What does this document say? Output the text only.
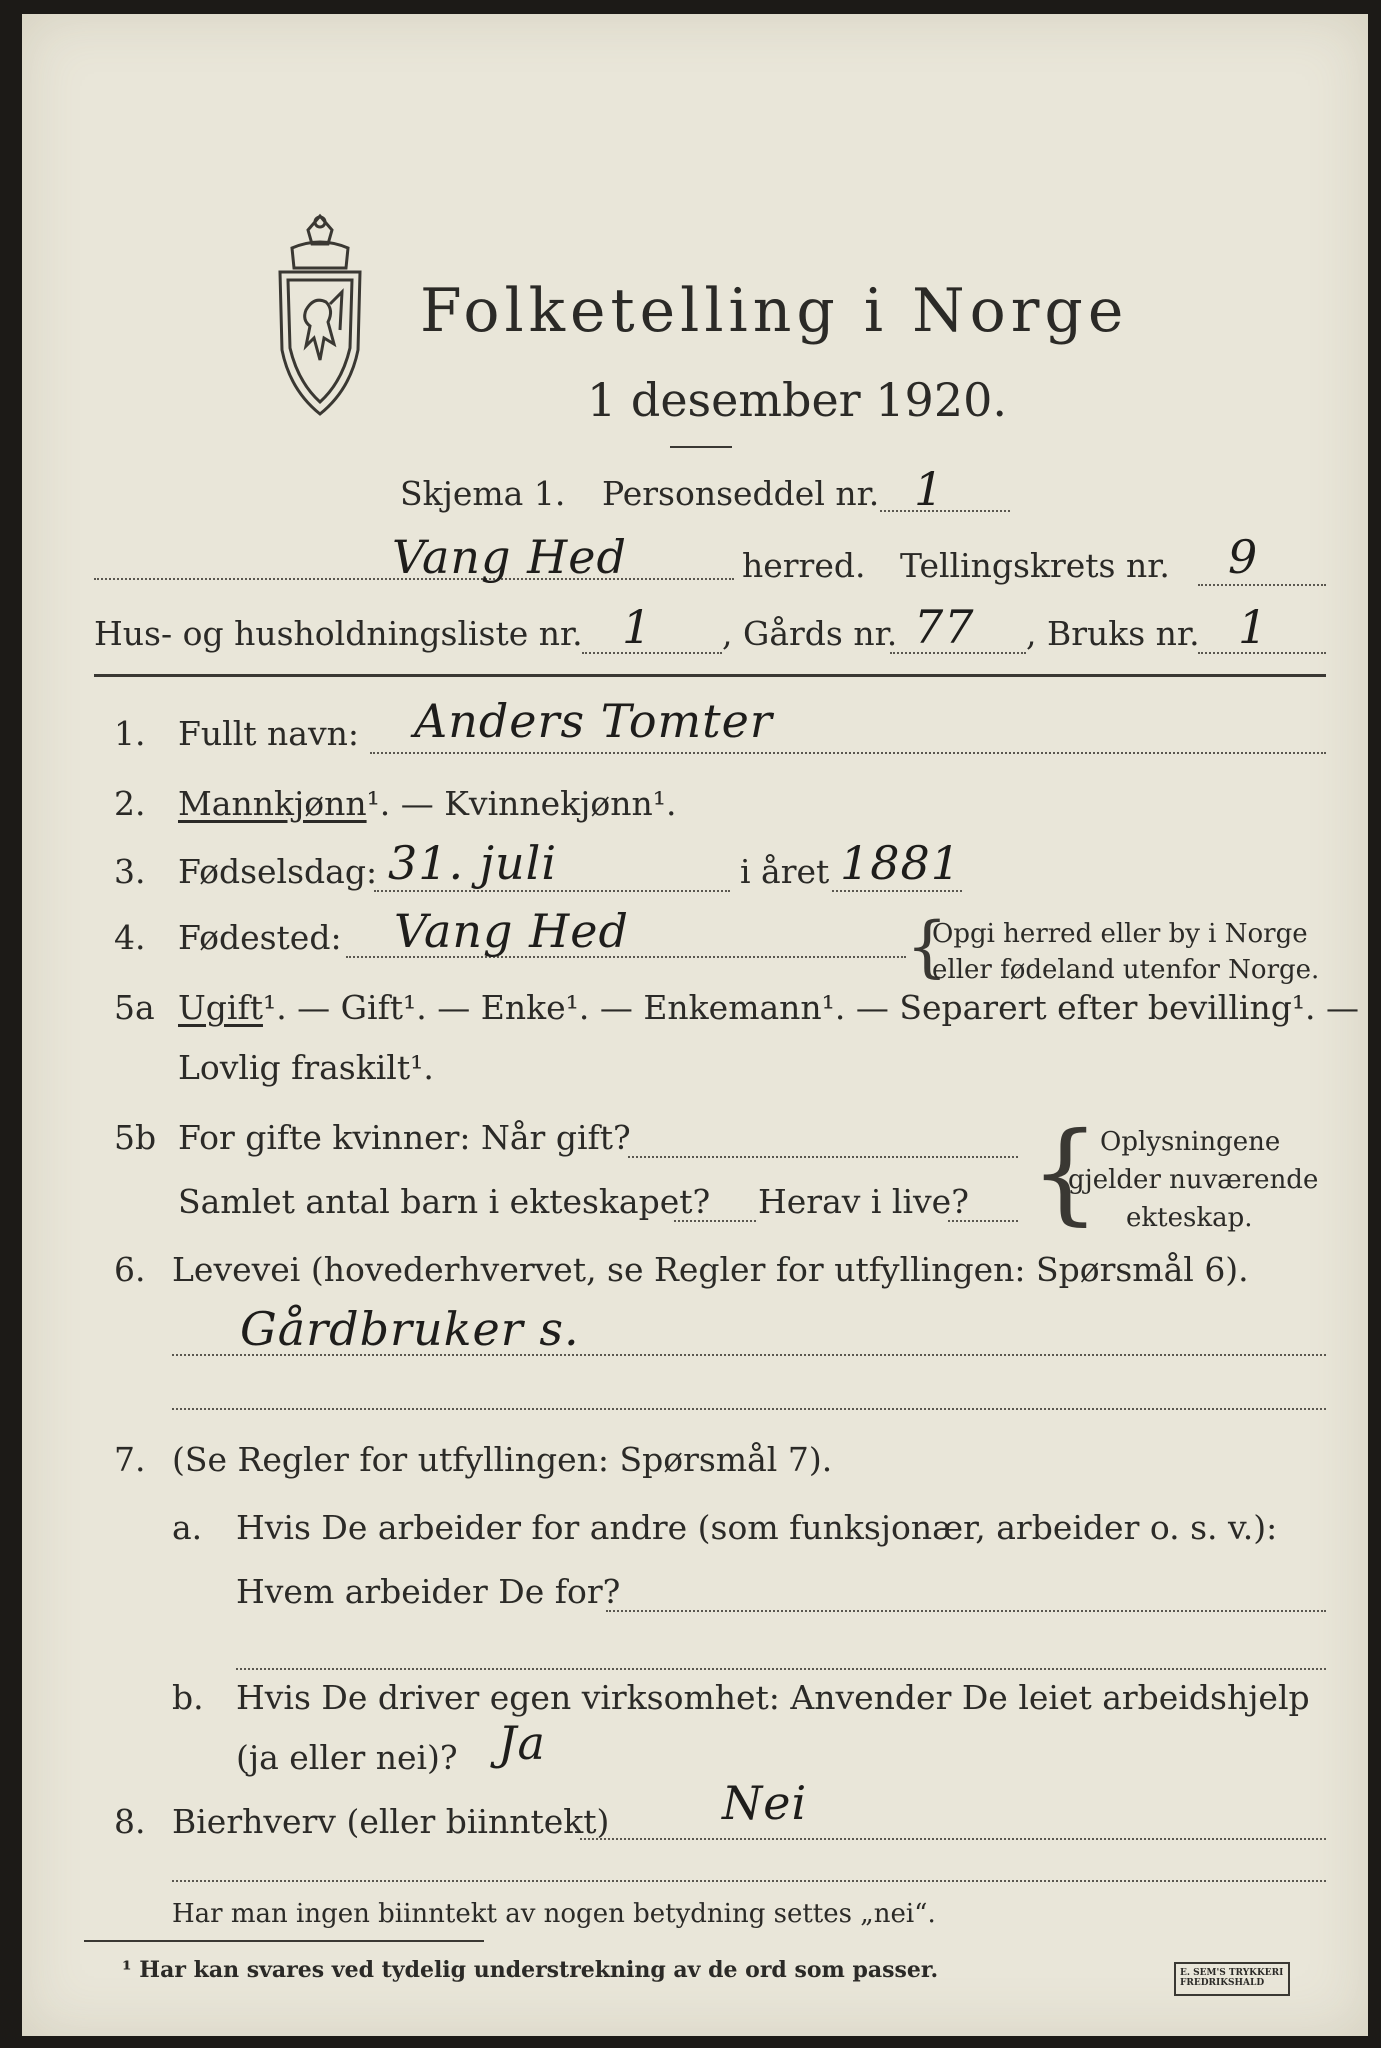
Folketelling i Norge
1 desember 1920.
Skjema 1. Personseddel nr. 1
Vang Hed	herred. Tellingskrets nr. 9
Hus- og husholdningsliste nr. 1 , Gårds nr. 77 , Bruks nr. 1
1. Fullt navn: Anders Tomter
2. Mannkjønn¹. — Kvinnekjønn¹.
3. Fødselsdag: 31. juli	i året 1881
4. Fødested: Vang Hed	{
Opgi herred eller by i Norge
eller fødeland utenfor Norge.
5a Ugift¹. — Gift¹. — Enke¹. — Enkemann¹. — Separert efter bevilling¹. —
Lovlig fraskilt¹.
5b For gifte kvinner: Når gift?
Samlet antal barn i ekteskapet? Herav i live? { Oplysningene
gjelder nuværende
ekteskap.
6. Levevei (hovederhvervet, se Regler for utfyllingen: Spørsmål 6).
Gårdbruker s.
7. (Se Regler for utfyllingen: Spørsmål 7).
a. Hvis De arbeider for andre (som funksjonær, arbeider o. s. v.):
Hvem arbeider De for?
b. Hvis De driver egen virksomhet: Anvender De leiet arbeidshjelp
(ja eller nei)? Ja
8. Bierhverv (eller biinntekt) Nei
Har man ingen biinntekt av nogen betydning settes „nei“.
¹ Har kan svares ved tydelig understrekning av de ord som passer.	E. SEM'S TRYKKERI FREDRIKSHALD
